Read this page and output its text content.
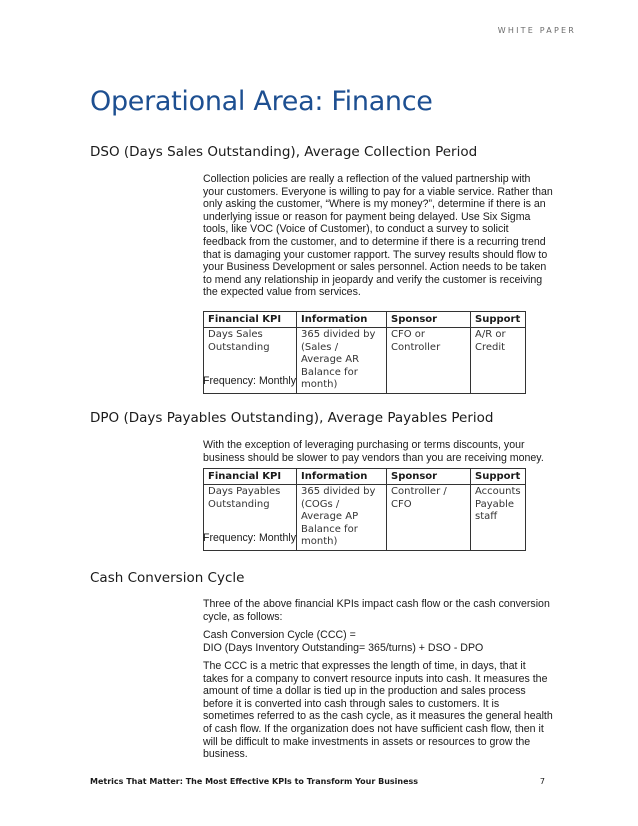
WHITE PAPER
Operational Area: Finance
DSO (Days Sales Outstanding), Average Collection Period

Collection policies are really a reflection of the valued partnership with your customers. Everyone is willing to pay for a viable service. Rather than only asking the customer, “Where is my money?”, determine if there is an underlying issue or reason for payment being delayed. Use Six Sigma tools, like VOC (Voice of Customer), to conduct a survey to solicit feedback from the customer, and to determine if there is a recurring trend that is damaging your customer rapport. The survey results should flow to your Business Development or sales personnel. Action needs to be taken to mend any relationship in jeopardy and verify the customer is receiving the expected value from services.

Financial KPI	Information	Sponsor	Support
Days Sales Outstanding	365 divided by (Sales / Average AR Balance for month)	CFO or Controller	A/R or Credit

Frequency: Monthly

DPO (Days Payables Outstanding), Average Payables Period

With the exception of leveraging purchasing or terms discounts, your business should be slower to pay vendors than you are receiving money.

Financial KPI	Information	Sponsor	Support
Days Payables Outstanding	365 divided by (COGs / Average AP Balance for month)	Controller / CFO	Accounts Payable staff

Frequency: Monthly

Cash Conversion Cycle

Three of the above financial KPIs impact cash flow or the cash conversion cycle, as follows:

Cash Conversion Cycle (CCC) =

DIO (Days Inventory Outstanding= 365/turns) + DSO - DPO

The CCC is a metric that expresses the length of time, in days, that it takes for a company to convert resource inputs into cash. It measures the amount of time a dollar is tied up in the production and sales process before it is converted into cash through sales to customers. It is sometimes referred to as the cash cycle, as it measures the general health of cash flow. If the organization does not have sufficient cash flow, then it will be difficult to make investments in assets or resources to grow the business.

Metrics That Matter: The Most Effective KPIs to Transform Your Business	7
